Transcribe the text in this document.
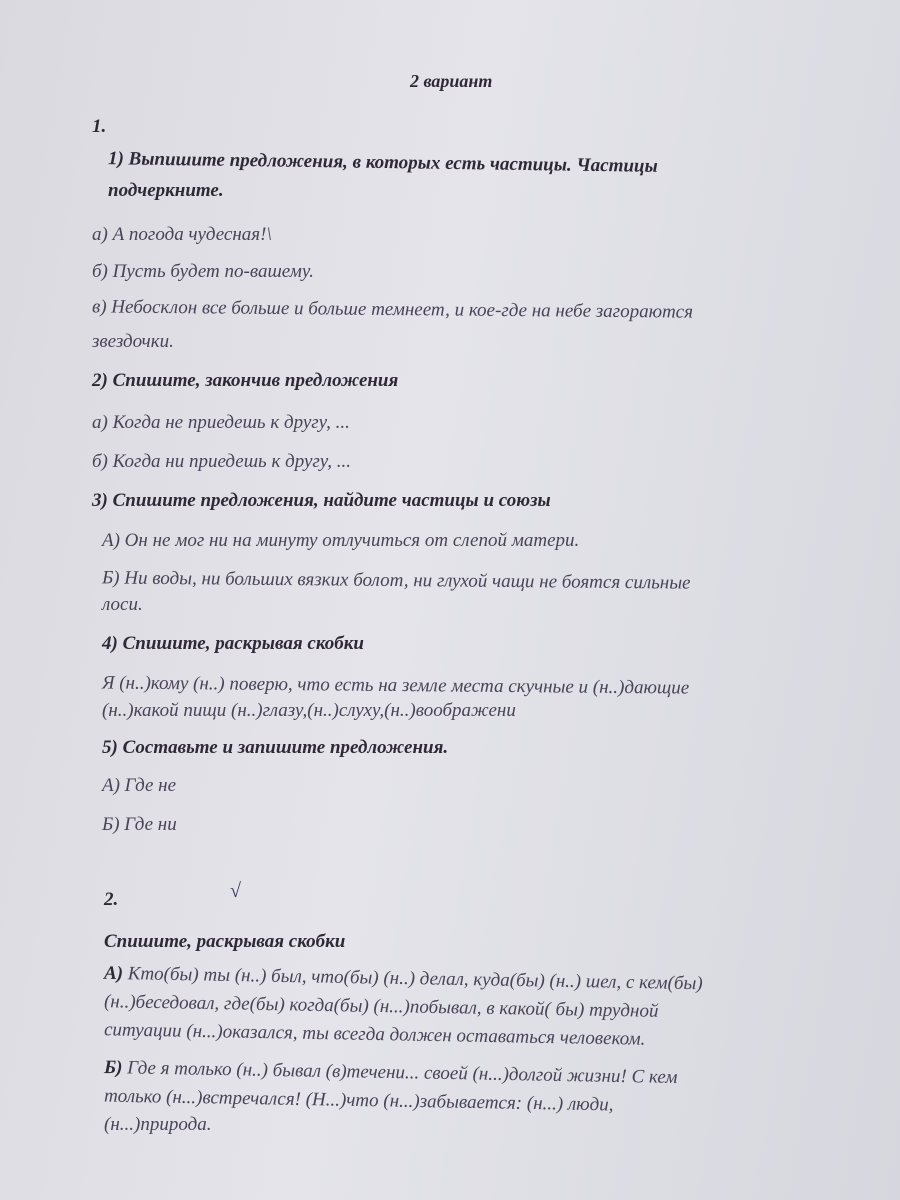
2 вариант
1.
1) Выпишите предложения, в которых есть частицы. Частицы
подчеркните.
а) А погода чудесная!\
б) Пусть будет по-вашему.
в) Небосклон все больше и больше темнеет, и кое-где на небе загораются
звездочки.
2) Спишите, закончив предложения
а) Когда не приедешь к другу, ...
б) Когда ни приедешь к другу, ...
3) Спишите предложения, найдите частицы и союзы
А) Он не мог ни на минуту отлучиться от слепой матери.
Б) Ни воды, ни больших вязких болот, ни глухой чащи не боятся сильные
лоси.
4) Спишите, раскрывая скобки
Я (н..)кому (н..) поверю, что есть на земле места скучные и (н..)дающие
(н..)какой пищи (н..)глазу,(н..)слуху,(н..)воображени
5) Составьте и запишите предложения.
А) Где не
Б) Где ни
2.	√
Спишите, раскрывая скобки
А) Кто(бы) ты (н..) был, что(бы) (н..) делал, куда(бы) (н..) шел, с кем(бы)
(н..)беседовал, где(бы) когда(бы) (н...)побывал, в какой( бы) трудной
ситуации (н...)оказался, ты всегда должен оставаться человеком.
Б) Где я только (н..) бывал (в)течени... своей (н...)долгой жизни! С кем
только (н...)встречался! (Н...)что (н...)забывается: (н...) люди,
(н...)природа.
